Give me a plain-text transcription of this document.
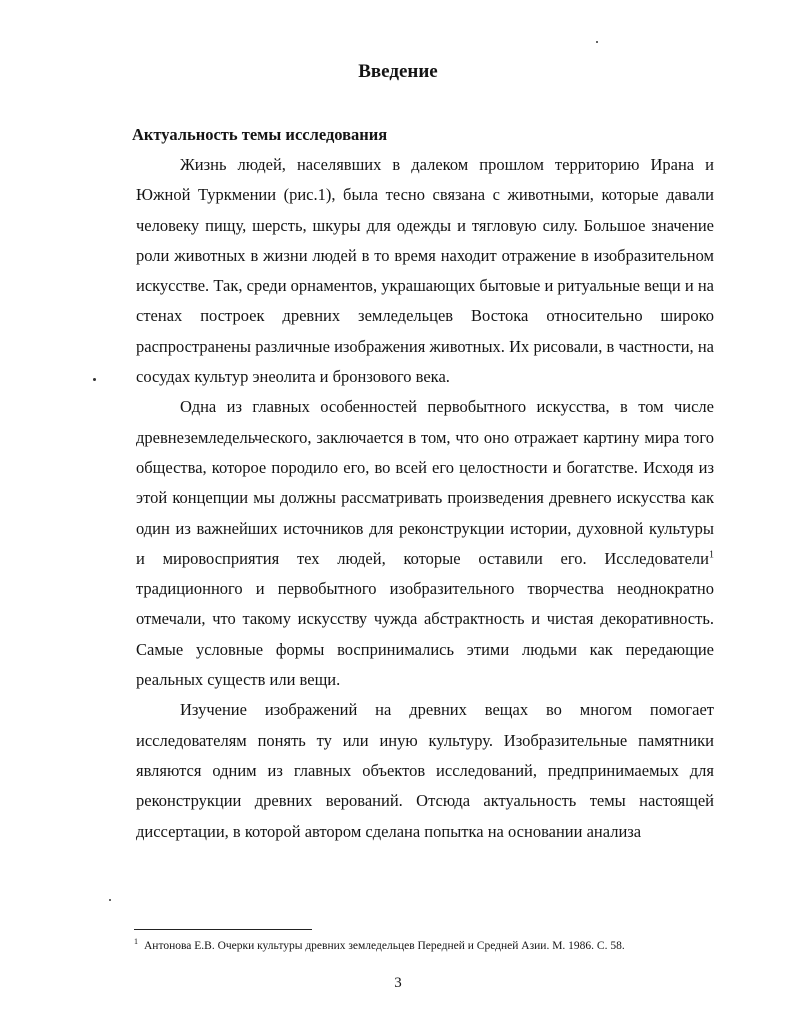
Введение
Актуальность темы исследования

Жизнь людей, населявших в далеком прошлом территорию Ирана и Южной Туркмении (рис.1), была тесно связана с животными, которые давали человеку пищу, шерсть, шкуры для одежды и тягловую силу. Большое значение роли животных в жизни людей в то время находит отражение в изобразительном искусстве. Так, среди орнаментов, украшающих бытовые и ритуальные вещи и на стенах построек древних земледельцев Востока относительно широко распространены различные изображения животных. Их рисовали, в частности, на сосудах культур энеолита и бронзового века.

Одна из главных особенностей первобытного искусства, в том числе древнеземледельческого, заключается в том, что оно отражает картину мира того общества, которое породило его, во всей его целостности и богатстве. Исходя из этой концепции мы должны рассматривать произведения древнего искусства как один из важнейших источников для реконструкции истории, духовной культуры и мировосприятия тех людей, которые оставили его. Исследователи$^1$ традиционного и первобытного изобразительного творчества неоднократно отмечали, что такому искусству чужда абстрактность и чистая декоративность. Самые условные формы воспринимались этими людьми как передающие реальных существ или вещи.

Изучение изображений на древних вещах во многом помогает исследователям понять ту или иную культуру. Изобразительные памятники являются одним из главных объектов исследований, предпринимаемых для реконструкции древних верований. Отсюда актуальность темы настоящей диссертации, в которой автором сделана попытка на основании анализа

$^1$ Антонова Е.В. Очерки культуры древних земледельцев Передней и Средней Азии. М. 1986. С. 58.
3
